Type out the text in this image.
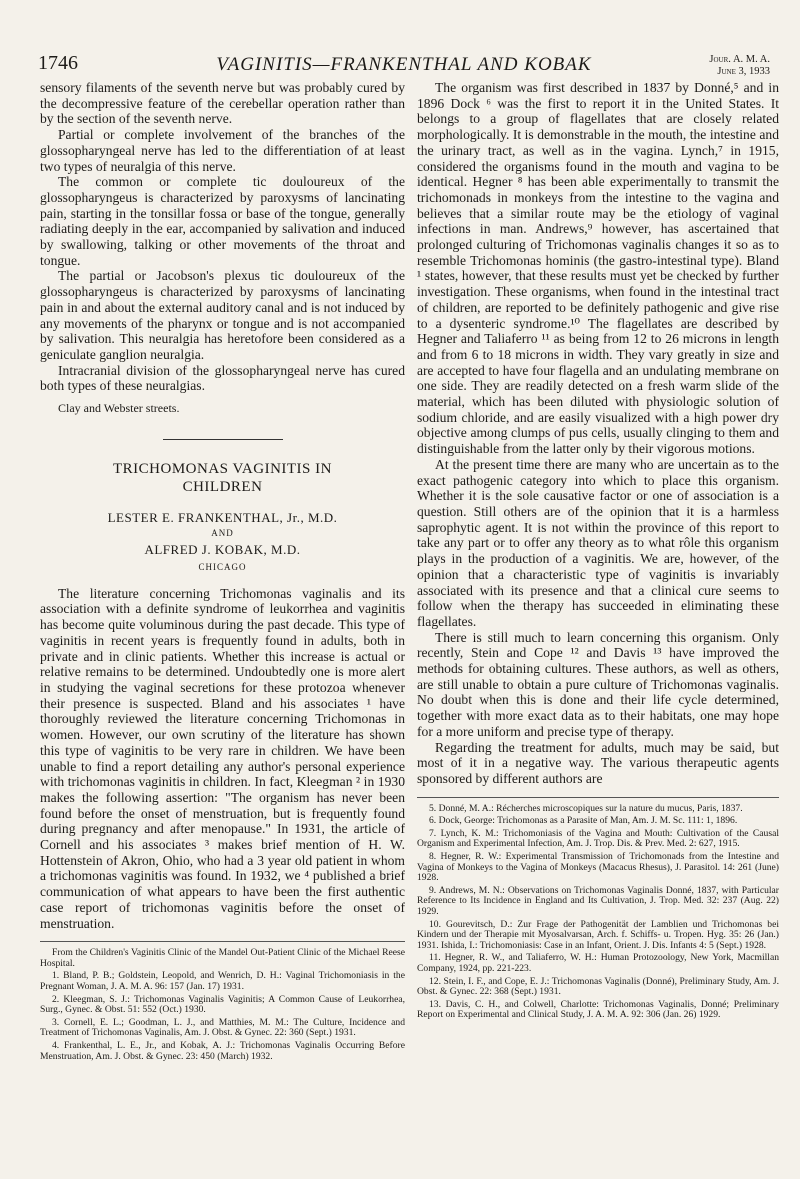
1746	VAGINITIS—FRANKENTHAL AND KOBAK	Jour. A. M. A.
June 3, 1933

sensory filaments of the seventh nerve but was probably cured by the decompressive feature of the cerebellar operation rather than by the section of the seventh nerve.

Partial or complete involvement of the branches of the glossopharyngeal nerve has led to the differentiation of at least two types of neuralgia of this nerve.

The common or complete tic douloureux of the glossopharyngeus is characterized by paroxysms of lancinating pain, starting in the tonsillar fossa or base of the tongue, generally radiating deeply in the ear, accompanied by salivation and induced by swallowing, talking or other movements of the throat and tongue.

The partial or Jacobson's plexus tic douloureux of the glossopharyngeus is characterized by paroxysms of lancinating pain in and about the external auditory canal and is not induced by any movements of the pharynx or tongue and is not accompanied by salivation. This neuralgia has heretofore been considered as a geniculate ganglion neuralgia.

Intracranial division of the glossopharyngeal nerve has cured both types of these neuralgias.

Clay and Webster streets.

TRICHOMONAS VAGINITIS IN
CHILDREN
LESTER E. FRANKENTHAL, Jr., M.D.
AND
ALFRED J. KOBAK, M.D.
CHICAGO

The literature concerning Trichomonas vaginalis and its association with a definite syndrome of leukorrhea and vaginitis has become quite voluminous during the past decade. This type of vaginitis in recent years is frequently found in adults, both in private and in clinic patients. Whether this increase is actual or relative remains to be determined. Undoubtedly one is more alert in studying the vaginal secretions for these protozoa whenever their presence is suspected. Bland and his associates ¹ have thoroughly reviewed the literature concerning Trichomonas in women. However, our own scrutiny of the literature has shown this type of vaginitis to be very rare in children. We have been unable to find a report detailing any author's personal experience with trichomonas vaginitis in children. In fact, Kleegman ² in 1930 makes the following assertion: "The organism has never been found before the onset of menstruation, but is frequently found during pregnancy and after menopause." In 1931, the article of Cornell and his associates ³ makes brief mention of H. W. Hottenstein of Akron, Ohio, who had a 3 year old patient in whom a trichomonas vaginitis was found. In 1932, we ⁴ published a brief communication of what appears to have been the first authentic case report of trichomonas vaginitis before the onset of menstruation.

From the Children's Vaginitis Clinic of the Mandel Out-Patient Clinic of the Michael Reese Hospital.

1. Bland, P. B.; Goldstein, Leopold, and Wenrich, D. H.: Vaginal Trichomoniasis in the Pregnant Woman, J. A. M. A. 96: 157 (Jan. 17) 1931.

2. Kleegman, S. J.: Trichomonas Vaginalis Vaginitis; A Common Cause of Leukorrhea, Surg., Gynec. & Obst. 51: 552 (Oct.) 1930.

3. Cornell, E. L.; Goodman, L. J., and Matthies, M. M.: The Culture, Incidence and Treatment of Trichomonas Vaginalis, Am. J. Obst. & Gynec. 22: 360 (Sept.) 1931.

4. Frankenthal, L. E., Jr., and Kobak, A. J.: Trichomonas Vaginalis Occurring Before Menstruation, Am. J. Obst. & Gynec. 23: 450 (March) 1932.

The organism was first described in 1837 by Donné,⁵ and in 1896 Dock ⁶ was the first to report it in the United States. It belongs to a group of flagellates that are closely related morphologically. It is demonstrable in the mouth, the intestine and the urinary tract, as well as in the vagina. Lynch,⁷ in 1915, considered the organisms found in the mouth and vagina to be identical. Hegner ⁸ has been able experimentally to transmit the trichomonads in monkeys from the intestine to the vagina and believes that a similar route may be the etiology of vaginal infections in man. Andrews,⁹ however, has ascertained that prolonged culturing of Trichomonas vaginalis changes it so as to resemble Trichomonas hominis (the gastro-intestinal type). Bland ¹ states, however, that these results must yet be checked by further investigation. These organisms, when found in the intestinal tract of children, are reported to be definitely pathogenic and give rise to a dysenteric syndrome.¹⁰ The flagellates are described by Hegner and Taliaferro ¹¹ as being from 12 to 26 microns in length and from 6 to 18 microns in width. They vary greatly in size and are accepted to have four flagella and an undulating membrane on one side. They are readily detected on a fresh warm slide of the material, which has been diluted with physiologic solution of sodium chloride, and are easily visualized with a high power dry objective among clumps of pus cells, usually clinging to them and distinguishable from the latter only by their vigorous motions.

At the present time there are many who are uncertain as to the exact pathogenic category into which to place this organism. Whether it is the sole causative factor or one of association is a question. Still others are of the opinion that it is a harmless saprophytic agent. It is not within the province of this report to take any part or to offer any theory as to what rôle this organism plays in the production of a vaginitis. We are, however, of the opinion that a characteristic type of vaginitis is invariably associated with its presence and that a clinical cure seems to follow when the therapy has succeeded in eliminating these flagellates.

There is still much to learn concerning this organism. Only recently, Stein and Cope ¹² and Davis ¹³ have improved the methods for obtaining cultures. These authors, as well as others, are still unable to obtain a pure culture of Trichomonas vaginalis. No doubt when this is done and their life cycle determined, together with more exact data as to their habitats, one may hope for a more uniform and precise type of therapy.

Regarding the treatment for adults, much may be said, but most of it in a negative way. The various therapeutic agents sponsored by different authors are

5. Donné, M. A.: Récherches microscopiques sur la nature du mucus, Paris, 1837.

6. Dock, George: Trichomonas as a Parasite of Man, Am. J. M. Sc. 111: 1, 1896.

7. Lynch, K. M.: Trichomoniasis of the Vagina and Mouth: Cultivation of the Causal Organism and Experimental Infection, Am. J. Trop. Dis. & Prev. Med. 2: 627, 1915.

8. Hegner, R. W.: Experimental Transmission of Trichomonads from the Intestine and Vagina of Monkeys to the Vagina of Monkeys (Macacus Rhesus), J. Parasitol. 14: 261 (June) 1928.

9. Andrews, M. N.: Observations on Trichomonas Vaginalis Donné, 1837, with Particular Reference to Its Incidence in England and Its Cultivation, J. Trop. Med. 32: 237 (Aug. 22) 1929.

10. Gourevitsch, D.: Zur Frage der Pathogenität der Lamblien und Trichomonas bei Kindern und der Therapie mit Myosalvarsan, Arch. f. Schiffs- u. Tropen. Hyg. 35: 26 (Jan.) 1931. Ishida, I.: Trichomoniasis: Case in an Infant, Orient. J. Dis. Infants 4: 5 (Sept.) 1928.

11. Hegner, R. W., and Taliaferro, W. H.: Human Protozoology, New York, Macmillan Company, 1924, pp. 221-223.

12. Stein, I. F., and Cope, E. J.: Trichomonas Vaginalis (Donné), Preliminary Study, Am. J. Obst. & Gynec. 22: 368 (Sept.) 1931.

13. Davis, C. H., and Colwell, Charlotte: Trichomonas Vaginalis, Donné; Preliminary Report on Experimental and Clinical Study, J. A. M. A. 92: 306 (Jan. 26) 1929.
